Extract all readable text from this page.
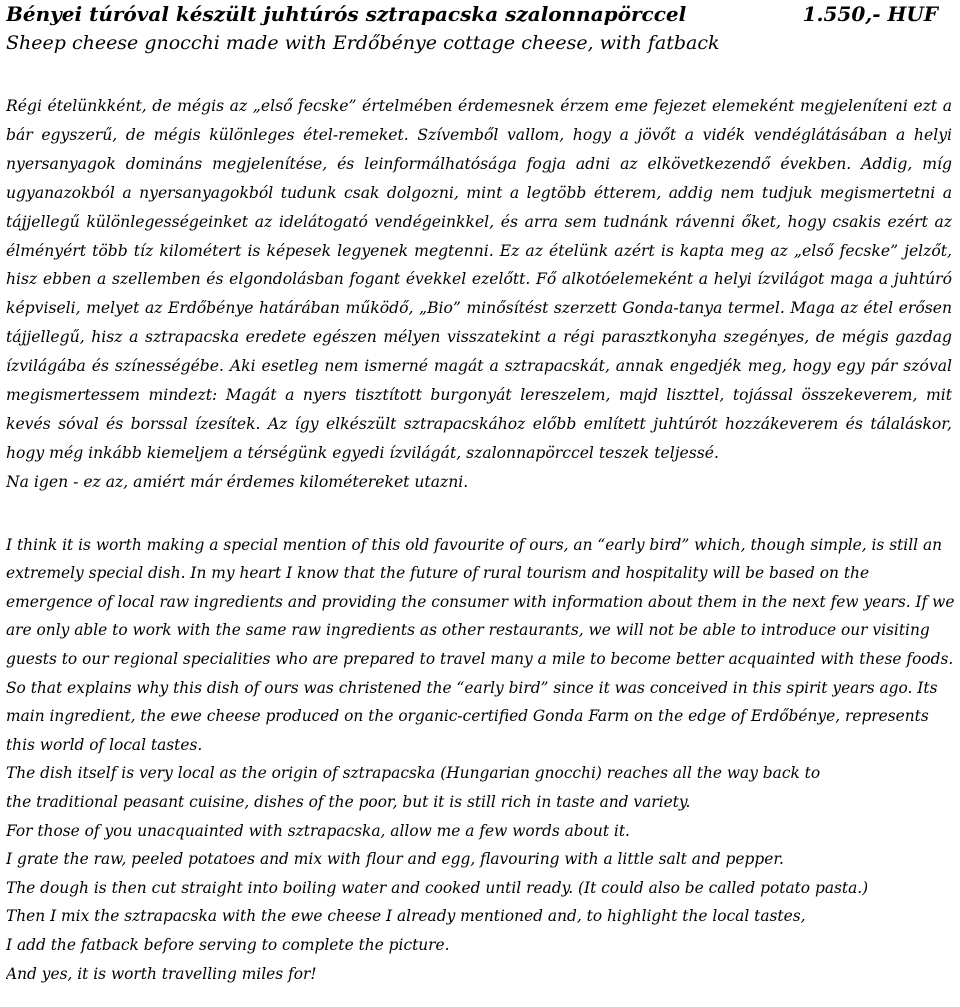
Bényei túróval készült juhtúrós sztrapacska szalonnapörccel	1.550,- HUF
Sheep cheese gnocchi made with Erdőbénye cottage cheese, with fatback

Régi ételünkként, de mégis az „első fecske” értelmében érdemesnek érzem eme fejezet elemeként megjeleníteni ezt a bár egyszerű, de mégis különleges étel-remeket. Szívemből vallom, hogy a jövőt a vidék vendéglátásában a helyi nyersanyagok domináns megjelenítése, és leinformálhatósága fogja adni az elkövetkezendő években. Addig, míg ugyanazokból a nyersanyagokból tudunk csak dolgozni, mint a legtöbb étterem, addig nem tudjuk megismertetni a tájjellegű különlegességeinket az idelátogató vendégeinkkel, és arra sem tudnánk rávenni őket, hogy csakis ezért az élményért több tíz kilométert is képesek legyenek megtenni. Ez az ételünk azért is kapta meg az „első fecske” jelzőt, hisz ebben a szellemben és elgondolásban fogant évekkel ezelőtt. Fő alkotóelemeként a helyi ízvilágot maga a juhtúró képviseli, melyet az Erdőbénye határában működő, „Bio” minősítést szerzett Gonda-tanya termel. Maga az étel erősen tájjellegű, hisz a sztrapacska eredete egészen mélyen visszatekint a régi parasztkonyha szegényes, de mégis gazdag ízvilágába és színességébe. Aki esetleg nem ismerné magát a sztrapacskát, annak engedjék meg, hogy egy pár szóval megismertessem mindezt: Magát a nyers tisztított burgonyát lereszelem, majd liszttel, tojással összekeverem, mit kevés sóval és borssal ízesítek. Az így elkészült sztrapacskához előbb említett juhtúrót hozzákeverem és tálaláskor, hogy még inkább kiemeljem a térségünk egyedi ízvilágát, szalonnapörccel teszek teljessé.

Na igen - ez az, amiért már érdemes kilométereket utazni.

I think it is worth making a special mention of this old favourite of ours, an “early bird” which, though simple, is still an extremely special dish. In my heart I know that the future of rural tourism and hospitality will be based on the emergence of local raw ingredients and providing the consumer with information about them in the next few years. If we are only able to work with the same raw ingredients as other restaurants, we will not be able to introduce our visiting guests to our regional specialities who are prepared to travel many a mile to become better acquainted with these foods. So that explains why this dish of ours was christened the “early bird” since it was conceived in this spirit years ago. Its main ingredient, the ewe cheese produced on the organic-certified Gonda Farm on the edge of Erdőbénye, represents this world of local tastes.

The dish itself is very local as the origin of sztrapacska (Hungarian gnocchi) reaches all the way back to

the traditional peasant cuisine, dishes of the poor, but it is still rich in taste and variety.

For those of you unacquainted with sztrapacska, allow me a few words about it.

I grate the raw, peeled potatoes and mix with flour and egg, flavouring with a little salt and pepper.

The dough is then cut straight into boiling water and cooked until ready. (It could also be called potato pasta.)

Then I mix the sztrapacska with the ewe cheese I already mentioned and, to highlight the local tastes,

I add the fatback before serving to complete the picture.

And yes, it is worth travelling miles for!
